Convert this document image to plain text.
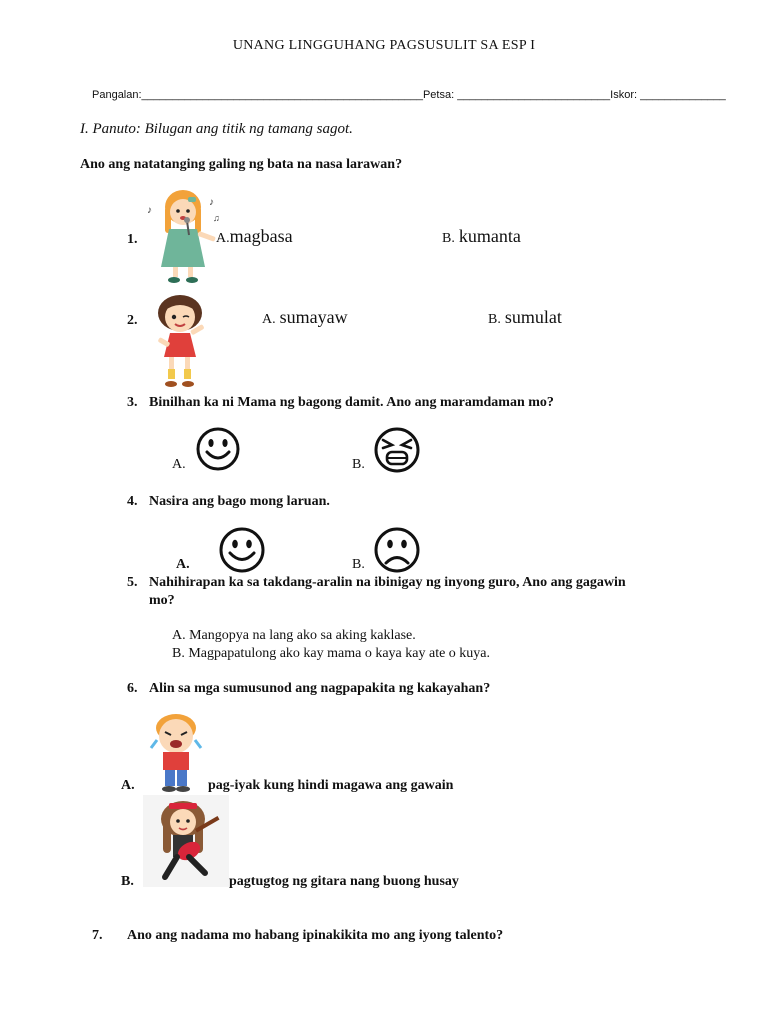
UNANG LINGGUHANG PAGSUSULIT SA ESP I
Pangalan:______________________________________________Petsa: _________________________Iskor: ______________
I. Panuto: Bilugan ang titik ng tamang sagot.
Ano ang natatanging galing ng bata na nasa larawan?
1.
♪
♪
♫
A.magbasa	B. kumanta
2.	A. sumayaw	B. sumulat
3. Binilhan ka ni Mama ng bagong damit. Ano ang maramdaman mo?
A.	B.
4. Nasira ang bago mong laruan.
A.	B.
5. Nahihirapan ka sa takdang-aralin na ibinigay ng inyong guro, Ano ang gagawin
mo?
A. Mangopya na lang ako sa aking kaklase.
B. Magpapatulong ako kay mama o kaya kay ate o kuya.
6. Alin sa mga sumusunod ang nagpapakita ng kakayahan?
A.	pag-iyak kung hindi magawa ang gawain
B.	pagtugtog ng gitara nang buong husay
7. Ano ang nadama mo habang ipinakikita mo ang iyong talento?
